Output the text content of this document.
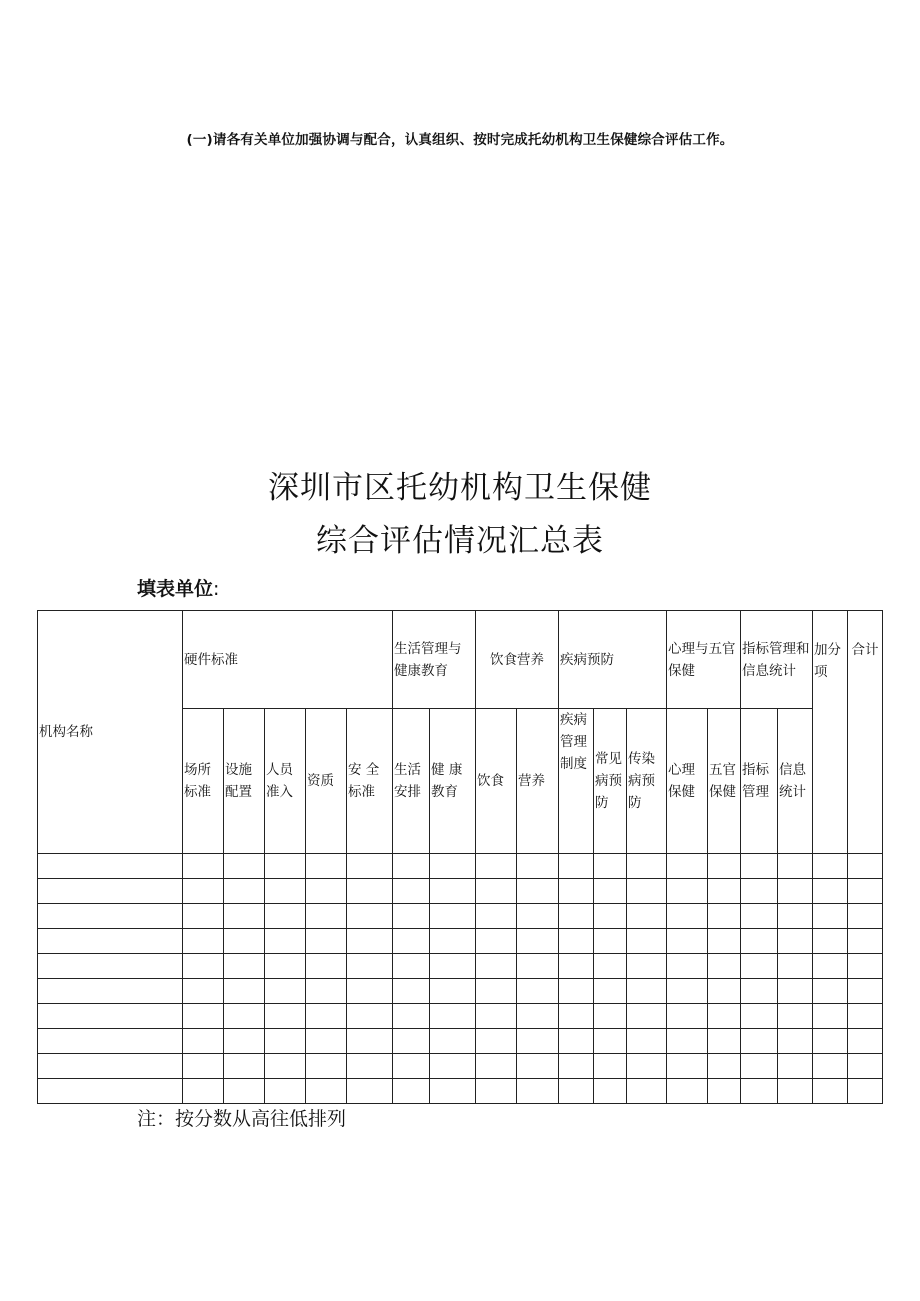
(一)请各有关单位加强协调与配合，认真组织、按时完成托幼机构卫生保健综合评估工作。
深圳市区托幼机构卫生保健
综合评估情况汇总表
填表单位:
机构名称	硬件标准					生活管理与健康教育		饮食营养		疾病预防			心理与五官保健		指标管理和信息统计		加分项	合计
	场所标准	设施配置	人员准入	资质	安 全标准	生活安排	健 康教育	饮食	营养	疾病管理制度	常见病预防	传染病预防	心理保健	五官保健	指标管理	信息统计		

注：按分数从高往低排列
